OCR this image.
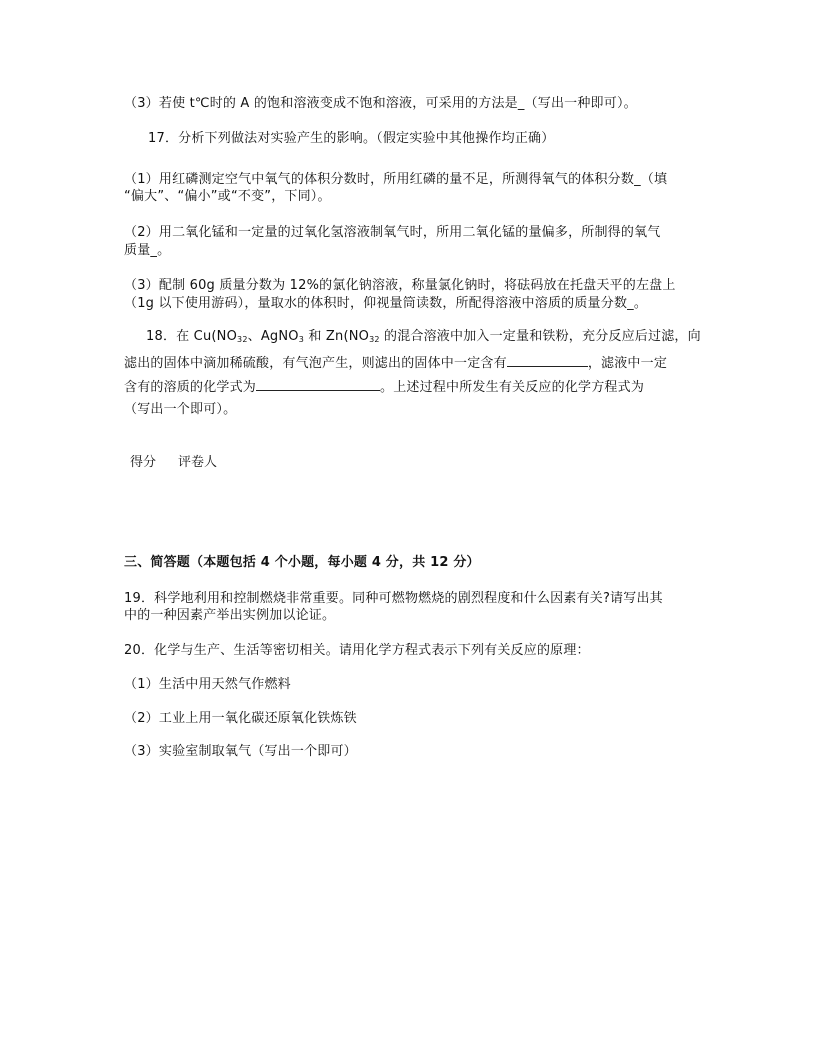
（3）若使 t℃时的 A 的饱和溶液变成不饱和溶液，可采用的方法是_（写出一种即可）。
17．分析下列做法对实验产生的影响。（假定实验中其他操作均正确）
（1）用红磷测定空气中氧气的体积分数时，所用红磷的量不足，所测得氧气的体积分数_（填
“偏大”、“偏小”或“不变”，下同）。
（2）用二氧化锰和一定量的过氧化氢溶液制氧气时，所用二氧化锰的量偏多，所制得的氧气
质量_。
（3）配制 60g 质量分数为 12%的氯化钠溶液，称量氯化钠时，将砝码放在托盘天平的左盘上
（1g 以下使用游码），量取水的体积时，仰视量筒读数，所配得溶液中溶质的质量分数_。
18．在 $Cu(NO_{32}$、AgNO$_3$ 和 $Zn(NO_{32}$ 的混合溶液中加入一定量和铁粉，充分反应后过滤，向
滤出的固体中滴加稀硫酸，有气泡产生，则滤出的固体中一定含有	，滤液中一定
含有的溶质的化学式为	。上述过程中所发生有关反应的化学方程式为
（写出一个即可）。
得分 评卷人
三、简答题（本题包括 4 个小题，每小题 4 分，共 12 分）
19．科学地利用和控制燃烧非常重要。同种可燃物燃烧的剧烈程度和什么因素有关?请写出其
中的一种因素产举出实例加以论证。
20．化学与生产、生活等密切相关。请用化学方程式表示下列有关反应的原理：
（1）生活中用天然气作燃料
（2）工业上用一氧化碳还原氧化铁炼铁
（3）实验室制取氧气（写出一个即可）
